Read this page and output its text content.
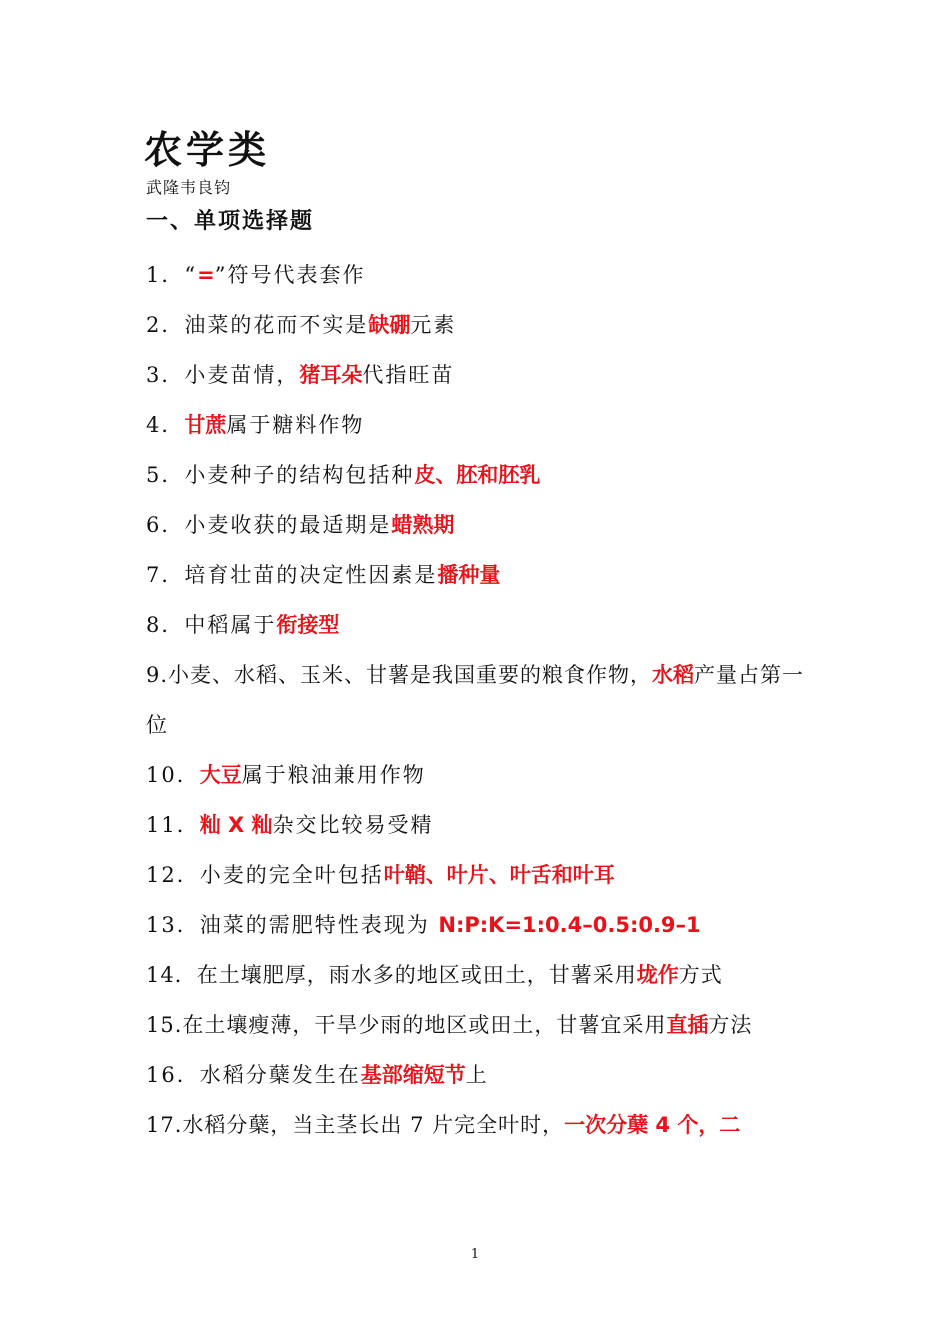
农学类
武隆韦良钧
一、单项选择题
1．“=”符号代表套作
2．油菜的花而不实是缺硼元素
3．小麦苗情，猪耳朵代指旺苗
4．甘蔗属于糖料作物
5．小麦种子的结构包括种皮、胚和胚乳
6．小麦收获的最适期是蜡熟期
7．培育壮苗的决定性因素是播种量
8．中稻属于衔接型
9.小麦、水稻、玉米、甘薯是我国重要的粮食作物，水稻产量占第一位
10．大豆属于粮油兼用作物
11．籼 X 籼杂交比较易受精
12．小麦的完全叶包括叶鞘、叶片、叶舌和叶耳
13．油菜的需肥特性表现为 N:P:K=1:0.4–0.5:0.9–1
14．在土壤肥厚，雨水多的地区或田土，甘薯采用垅作方式
15.在土壤瘦薄，干旱少雨的地区或田土，甘薯宜采用直插方法
16．水稻分蘖发生在基部缩短节上
17.水稻分蘖，当主茎长出 7 片完全叶时，一次分蘖 4 个，二
1
